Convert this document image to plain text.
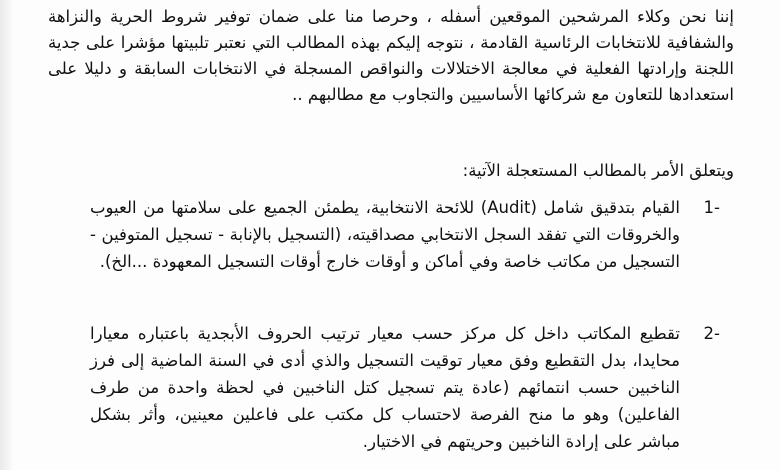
إننا نحن وكلاء المرشحين الموقعين أسفله ، وحرصا منا على ضمان توفير شروط الحرية والنزاهة والشفافية للانتخابات الرئاسية القادمة ، نتوجه إليكم بهذه المطالب التي نعتبر تلبيتها مؤشرا على جدية اللجنة وإرادتها الفعلية في معالجة الاختلالات والنواقص المسجلة في الانتخابات السابقة و دليلا على استعدادها للتعاون مع شركائها الأساسيين والتجاوب مع مطالبهم ..

ويتعلق الأمر بالمطالب المستعجلة الآتية:

1-
القيام بتدقيق شامل (Audit) للائحة الانتخابية، يطمئن الجميع على سلامتها من العيوب والخروقات التي تفقد السجل الانتخابي مصداقيته، (التسجيل بالإنابة - تسجيل المتوفين - التسجيل من مكاتب خاصة وفي أماكن و أوقات خارج أوقات التسجيل المعهودة ...الخ).
2-
تقطيع المكاتب داخل كل مركز حسب معيار ترتيب الحروف الأبجدية باعتباره معيارا محايدا، بدل التقطيع وفق معيار توقيت التسجيل والذي أدى في السنة الماضية إلى فرز الناخبين حسب انتمائهم (عادة يتم تسجيل كتل الناخبين في لحظة واحدة من طرف الفاعلين) وهو ما منح الفرصة لاحتساب كل مكتب على فاعلين معينين، وأثر بشكل مباشر على إرادة الناخبين وحريتهم في الاختيار.
